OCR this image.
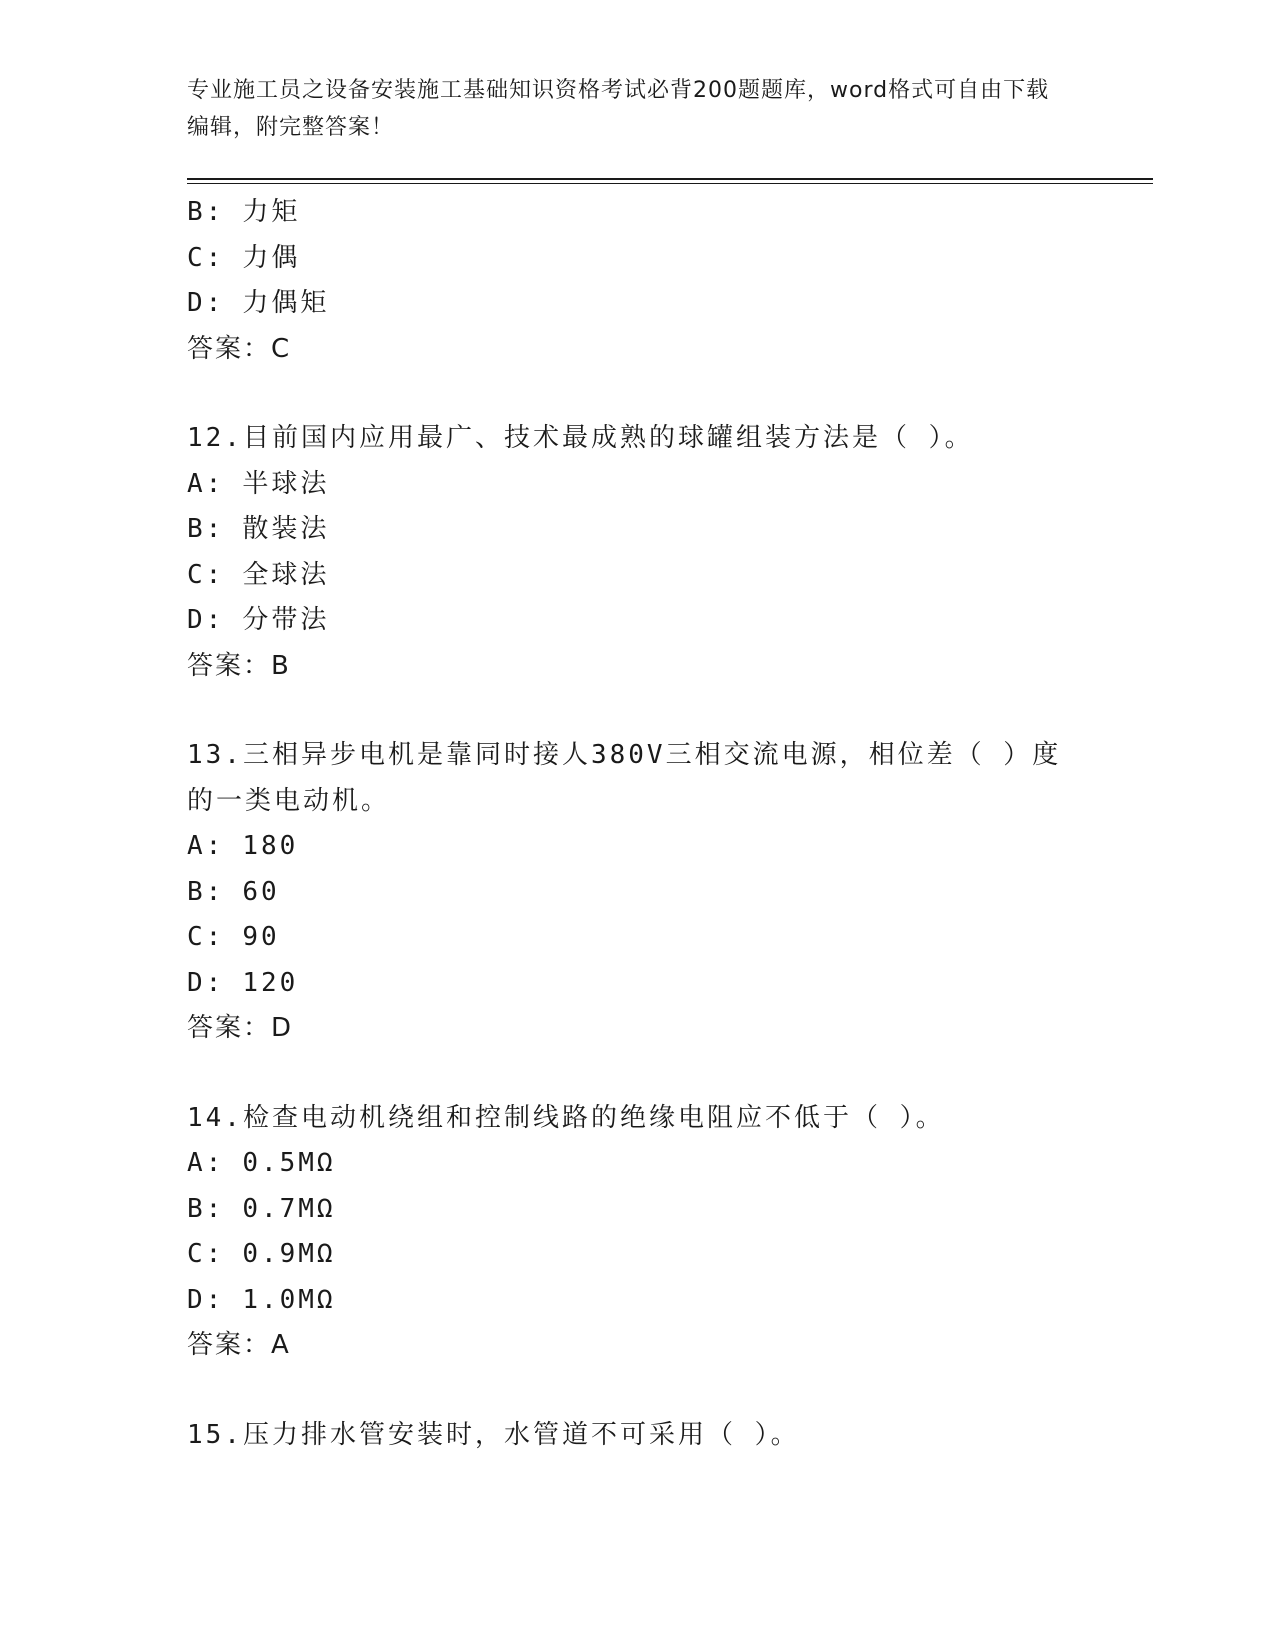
专业施工员之设备安装施工基础知识资格考试必背200题题库，word格式可自由下载编辑，附完整答案！
B: 力矩
C: 力偶
D: 力偶矩
答案：C
12.目前国内应用最广、技术最成熟的球罐组装方法是（ ）。
A: 半球法
B: 散装法
C: 全球法
D: 分带法
答案：B
13.三相异步电机是靠同时接人380V三相交流电源，相位差（ ）度的一类电动机。
A: 180
B: 60
C: 90
D: 120
答案：D
14.检查电动机绕组和控制线路的绝缘电阻应不低于（ ）。
A: 0.5MΩ
B: 0.7MΩ
C: 0.9MΩ
D: 1.0MΩ
答案：A
15.压力排水管安装时，水管道不可采用（ ）。
